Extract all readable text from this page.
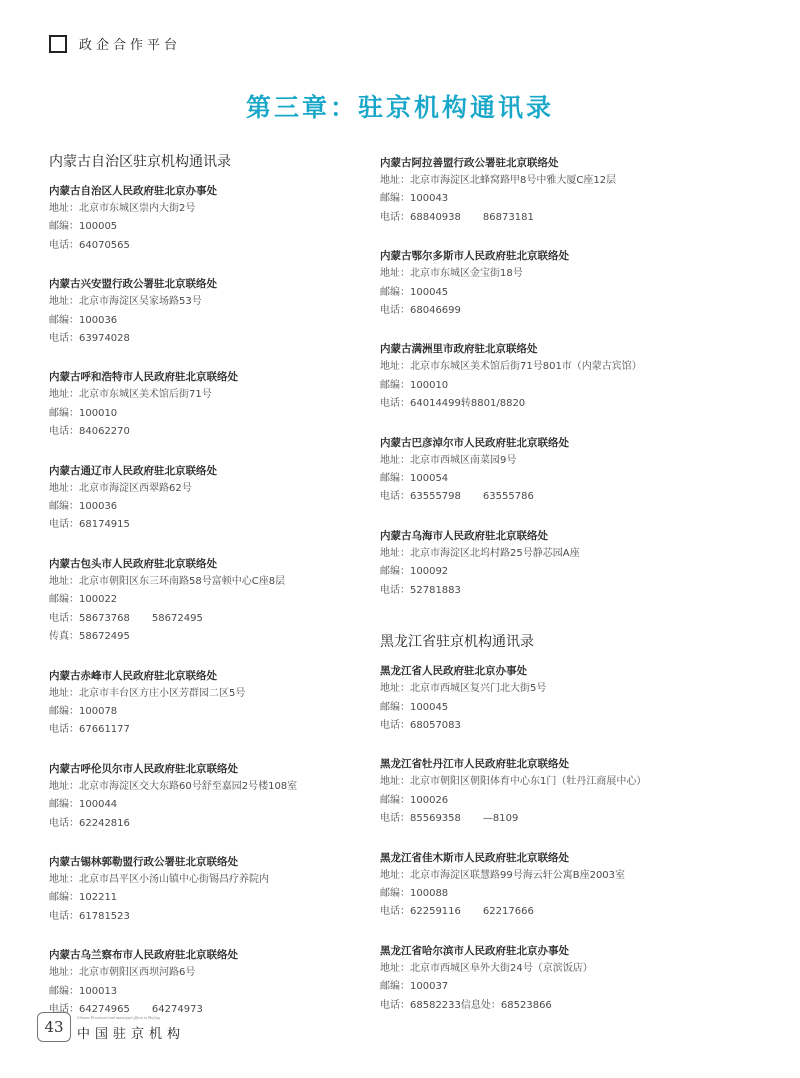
政企合作平台
第三章：驻京机构通讯录
内蒙古自治区驻京机构通讯录
内蒙古自治区人民政府驻北京办事处
地址：北京市东城区崇内大街2号
邮编：100005
电话：64070565
内蒙古兴安盟行政公署驻北京联络处
地址：北京市海淀区吴家场路53号
邮编：100036
电话：63974028
内蒙古呼和浩特市人民政府驻北京联络处
地址：北京市东城区美术馆后街71号
邮编：100010
电话：84062270
内蒙古通辽市人民政府驻北京联络处
地址：北京市海淀区西翠路62号
邮编：100036
电话：68174915
内蒙古包头市人民政府驻北京联络处
地址：北京市朝阳区东三环南路58号富顿中心C座8层
邮编：100022
电话：58673768 58672495
传真：58672495
内蒙古赤峰市人民政府驻北京联络处
地址：北京市丰台区方庄小区芳群园二区5号
邮编：100078
电话：67661177
内蒙古呼伦贝尔市人民政府驻北京联络处
地址：北京市海淀区交大东路60号舒至嘉园2号楼108室
邮编：100044
电话：62242816
内蒙古锡林郭勒盟行政公署驻北京联络处
地址：北京市昌平区小汤山镇中心街锡昌疗养院内
邮编：102211
电话：61781523
内蒙古乌兰察布市人民政府驻北京联络处
地址：北京市朝阳区西坝河路6号
邮编：100013
电话：64274965 64274973
内蒙古阿拉善盟行政公署驻北京联络处
地址：北京市海淀区北蜂窝路甲8号中雅大厦C座12层
邮编：100043
电话：68840938 86873181
内蒙古鄂尔多斯市人民政府驻北京联络处
地址：北京市东城区金宝街18号
邮编：100045
电话：68046699
内蒙古满洲里市政府驻北京联络处
地址：北京市东城区美术馆后街71号801市（内蒙古宾馆）
邮编：100010
电话：64014499转8801/8820
内蒙古巴彦淖尔市人民政府驻北京联络处
地址：北京市西城区南菜园9号
邮编：100054
电话：63555798 63555786
内蒙古乌海市人民政府驻北京联络处
地址：北京市海淀区北坞村路25号静芯园A座
邮编：100092
电话：52781883
黑龙江省驻京机构通讯录
黑龙江省人民政府驻北京办事处
地址：北京市西城区复兴门北大街5号
邮编：100045
电话：68057083
黑龙江省牡丹江市人民政府驻北京联络处
地址：北京市朝阳区朝阳体育中心东1门（牡丹江商展中心）
邮编：100026
电话：85569358 —8109
黑龙江省佳木斯市人民政府驻北京联络处
地址：北京市海淀区联慧路99号海云轩公寓B座2003室
邮编：100088
电话：62259116 62217666
黑龙江省哈尔滨市人民政府驻北京办事处
地址：北京市西城区阜外大街24号（京滨饭店）
邮编：100037
电话：68582233信息处：68523866
43
Chinese Provincial and municipal offices in Beijing
中国驻京机构
